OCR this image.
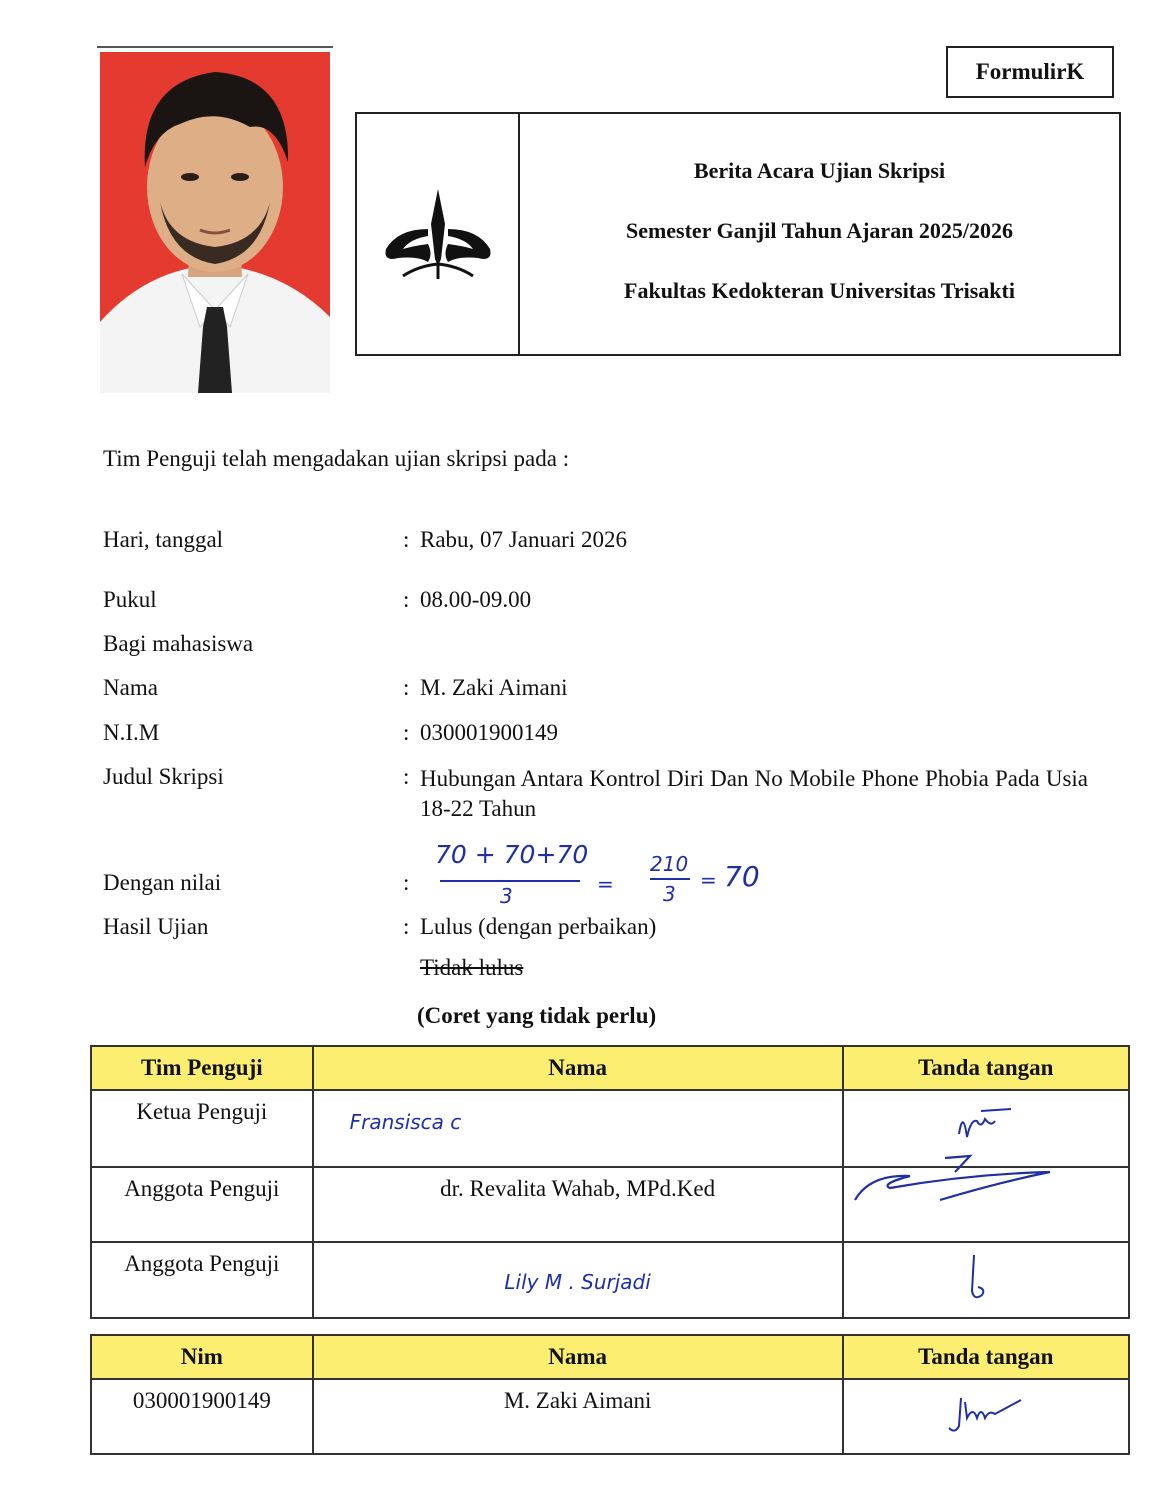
FormulirK
Berita Acara Ujian Skripsi
Semester Ganjil Tahun Ajaran 2025/2026
Fakultas Kedokteran Universitas Trisakti
Tim Penguji telah mengadakan ujian skripsi pada :
Hari, tanggal	: Rabu, 07 Januari 2026
Pukul	: 08.00-09.00
Bagi mahasiswa
Nama	: M. Zaki Aimani
N.I.M	: 030001900149
Judul Skripsi	: Hubungan Antara Kontrol Diri Dan No Mobile Phone Phobia Pada Usia 18-22 Tahun
Dengan nilai	:
70 + 70+70
3	=
210
3
= 70
Hasil Ujian	: Lulus (dengan perbaikan)
Tidak lulus
(Coret yang tidak perlu)
Tim Penguji	Nama	Tanda tangan
Ketua Penguji	Fransisca c	
Anggota Penguji	dr. Revalita Wahab, MPd.Ked	

Anggota Penguji	Lily M . Surjadi	
Nim	Nama	Tanda tangan
030001900149	M. Zaki Aimani	
